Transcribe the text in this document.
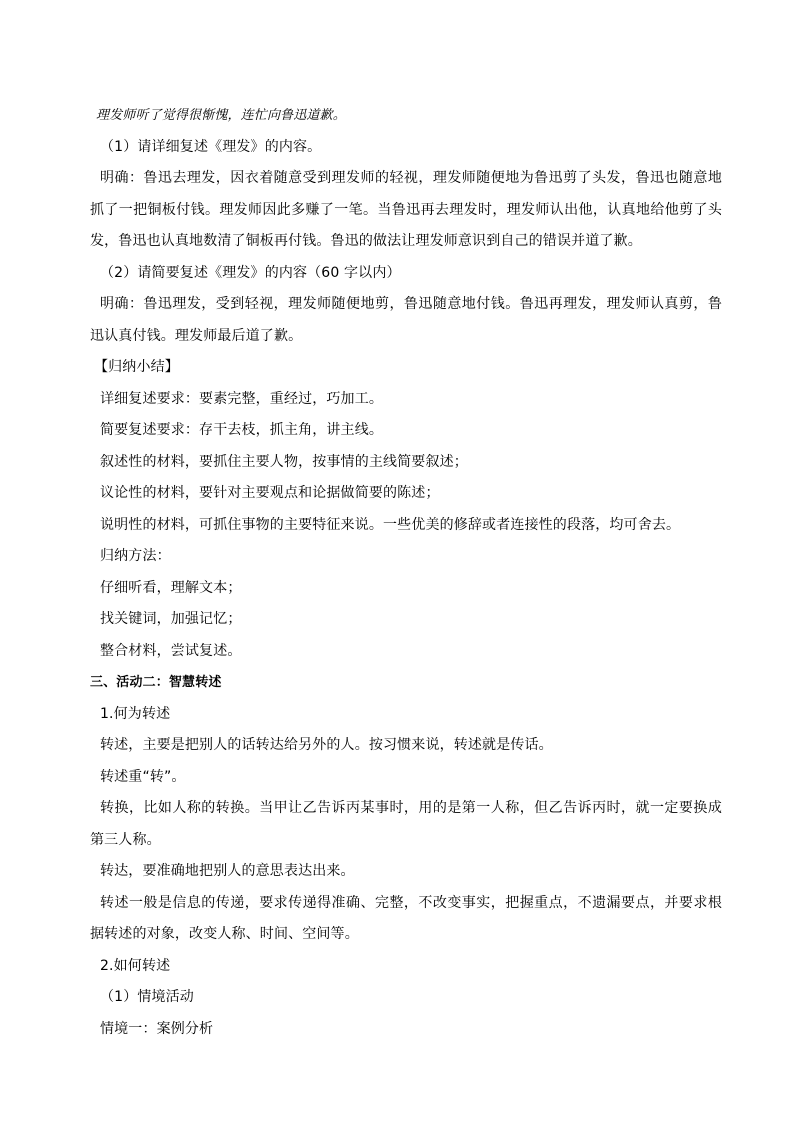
理发师听了觉得很惭愧，连忙向鲁迅道歉。

（1）请详细复述《理发》的内容。

明确：鲁迅去理发，因衣着随意受到理发师的轻视，理发师随便地为鲁迅剪了头发，鲁迅也随意地抓了一把铜板付钱。理发师因此多赚了一笔。当鲁迅再去理发时，理发师认出他，认真地给他剪了头发，鲁迅也认真地数清了铜板再付钱。鲁迅的做法让理发师意识到自己的错误并道了歉。

（2）请简要复述《理发》的内容（60 字以内）

明确：鲁迅理发，受到轻视，理发师随便地剪，鲁迅随意地付钱。鲁迅再理发，理发师认真剪，鲁迅认真付钱。理发师最后道了歉。

【归纳小结】

详细复述要求：要素完整，重经过，巧加工。

简要复述要求：存干去枝，抓主角，讲主线。

叙述性的材料，要抓住主要人物，按事情的主线简要叙述；

议论性的材料，要针对主要观点和论据做简要的陈述；

说明性的材料，可抓住事物的主要特征来说。一些优美的修辞或者连接性的段落，均可舍去。

归纳方法：

仔细听看，理解文本；

找关键词，加强记忆；

整合材料，尝试复述。

三、活动二：智慧转述

1.何为转述

转述，主要是把别人的话转达给另外的人。按习惯来说，转述就是传话。

转述重“转”。

转换，比如人称的转换。当甲让乙告诉丙某事时，用的是第一人称，但乙告诉丙时，就一定要换成第三人称。

转达，要准确地把别人的意思表达出来。

转述一般是信息的传递，要求传递得准确、完整，不改变事实，把握重点，不遗漏要点，并要求根据转述的对象，改变人称、时间、空间等。

2.如何转述

（1）情境活动

情境一：案例分析
